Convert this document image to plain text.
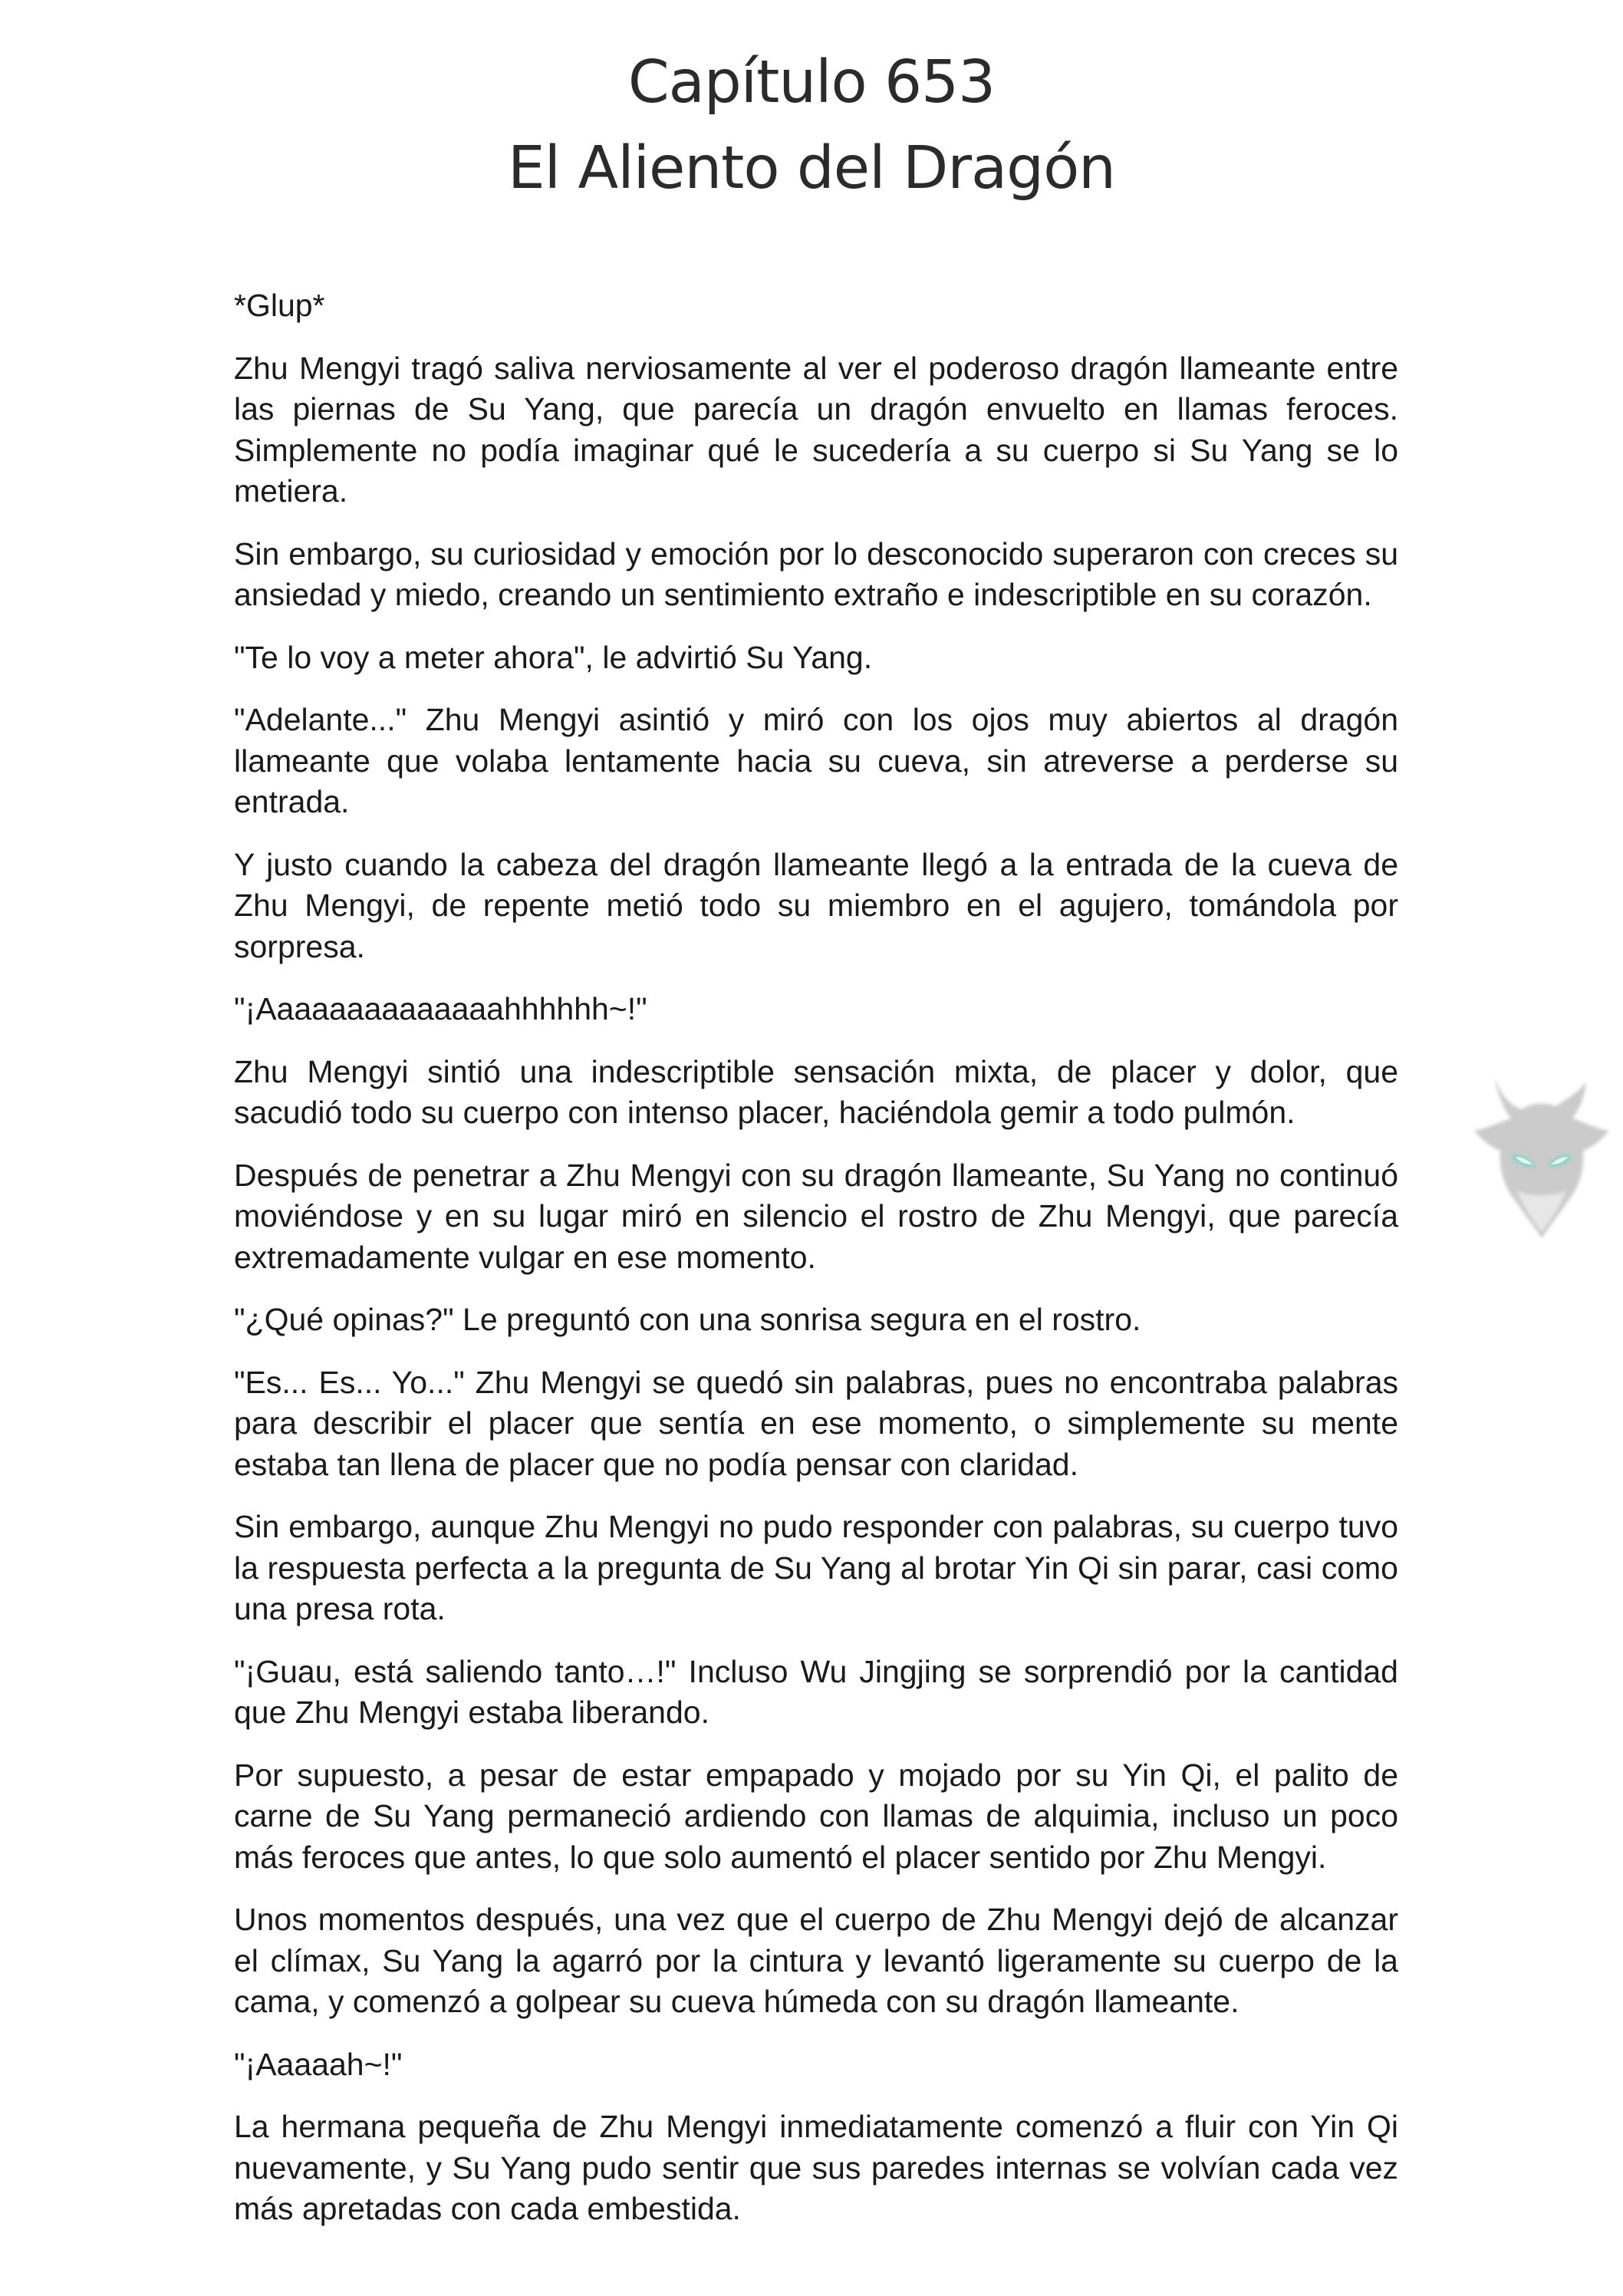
Capítulo 653
El Aliento del Dragón

*Glup*

Zhu Mengyi tragó saliva nerviosamente al ver el poderoso dragón llameante entre las piernas de Su Yang, que parecía un dragón envuelto en llamas feroces. Simplemente no podía imaginar qué le sucedería a su cuerpo si Su Yang se lo metiera.

Sin embargo, su curiosidad y emoción por lo desconocido superaron con creces su ansiedad y miedo, creando un sentimiento extraño e indescriptible en su corazón.

"Te lo voy a meter ahora", le advirtió Su Yang.

"Adelante..." Zhu Mengyi asintió y miró con los ojos muy abiertos al dragón llameante que volaba lentamente hacia su cueva, sin atreverse a perderse su entrada.

Y justo cuando la cabeza del dragón llameante llegó a la entrada de la cueva de Zhu Mengyi, de repente metió todo su miembro en el agujero, tomándola por sorpresa.

"¡Aaaaaaaaaaaaaahhhhhh~!"

Zhu Mengyi sintió una indescriptible sensación mixta, de placer y dolor, que sacudió todo su cuerpo con intenso placer, haciéndola gemir a todo pulmón.

Después de penetrar a Zhu Mengyi con su dragón llameante, Su Yang no continuó moviéndose y en su lugar miró en silencio el rostro de Zhu Mengyi, que parecía extremadamente vulgar en ese momento.

"¿Qué opinas?" Le preguntó con una sonrisa segura en el rostro.

"Es... Es... Yo..." Zhu Mengyi se quedó sin palabras, pues no encontraba palabras para describir el placer que sentía en ese momento, o simplemente su mente estaba tan llena de placer que no podía pensar con claridad.

Sin embargo, aunque Zhu Mengyi no pudo responder con palabras, su cuerpo tuvo la respuesta perfecta a la pregunta de Su Yang al brotar Yin Qi sin parar, casi como una presa rota.

"¡Guau, está saliendo tanto…!" Incluso Wu Jingjing se sorprendió por la cantidad que Zhu Mengyi estaba liberando.

Por supuesto, a pesar de estar empapado y mojado por su Yin Qi, el palito de carne de Su Yang permaneció ardiendo con llamas de alquimia, incluso un poco más feroces que antes, lo que solo aumentó el placer sentido por Zhu Mengyi.

Unos momentos después, una vez que el cuerpo de Zhu Mengyi dejó de alcanzar el clímax, Su Yang la agarró por la cintura y levantó ligeramente su cuerpo de la cama, y comenzó a golpear su cueva húmeda con su dragón llameante.

"¡Aaaaah~!"

La hermana pequeña de Zhu Mengyi inmediatamente comenzó a fluir con Yin Qi nuevamente, y Su Yang pudo sentir que sus paredes internas se volvían cada vez más apretadas con cada embestida.
